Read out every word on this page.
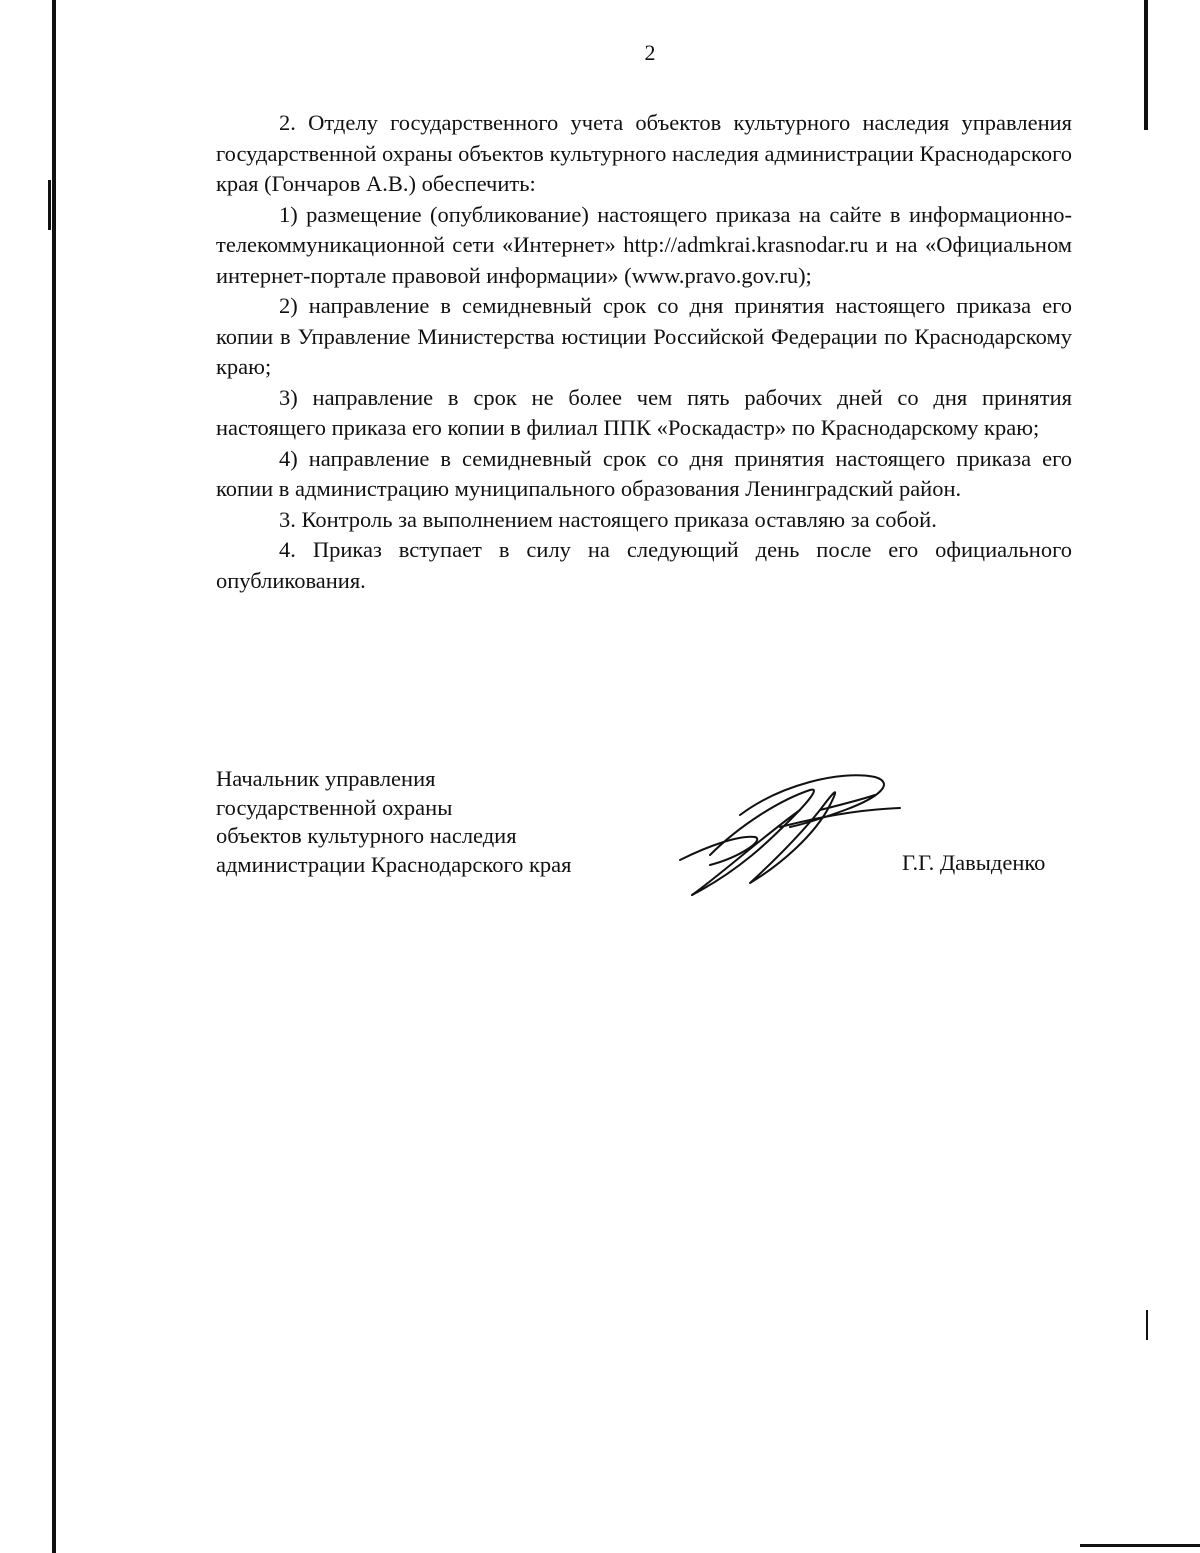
2

2. Отделу государственного учета объектов культурного наследия управления государственной охраны объектов культурного наследия администрации Краснодарского края (Гончаров А.В.) обеспечить:

1) размещение (опубликование) настоящего приказа на сайте в информационно-телекоммуникационной сети «Интернет» http://admkrai.krasnodar.ru и на «Официальном интернет-портале правовой информации» (www.pravo.gov.ru);

2) направление в семидневный срок со дня принятия настоящего приказа его копии в Управление Министерства юстиции Российской Федерации по Краснодарскому краю;

3) направление в срок не более чем пять рабочих дней со дня принятия настоящего приказа его копии в филиал ППК «Роскадастр» по Краснодарскому краю;

4) направление в семидневный срок со дня принятия настоящего приказа его копии в администрацию муниципального образования Ленинградский район.

3. Контроль за выполнением настоящего приказа оставляю за собой.

4. Приказ вступает в силу на следующий день после его официального опубликования.

Начальник управления
государственной охраны
объектов культурного наследия
администрации Краснодарского края	Г.Г. Давыденко
